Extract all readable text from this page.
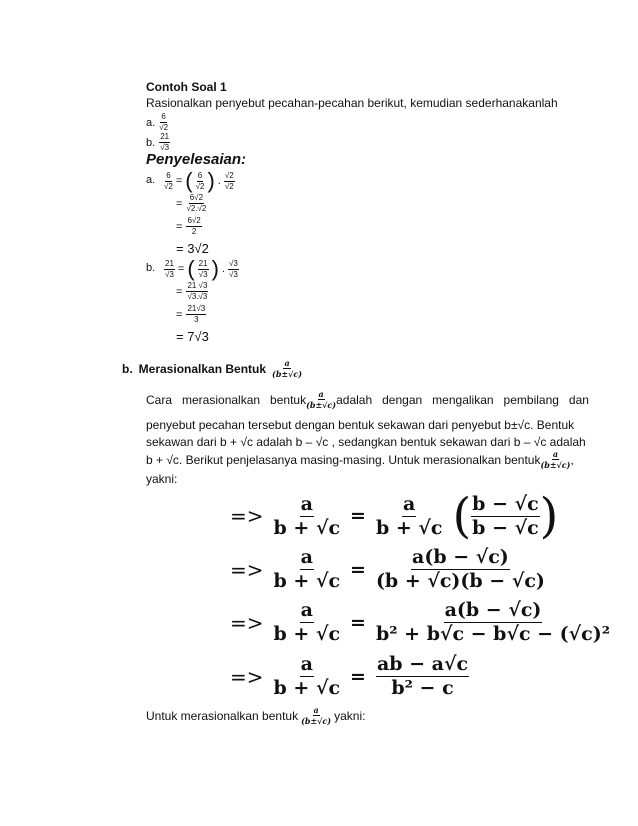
Contoh Soal 1
Rasionalkan penyebut pecahan-pecahan berikut, kemudian sederhanakanlah
a. $\frac{6}{√2}$
b. $\frac{21}{√3}$
Penyelesaian:
a. $\frac{6}{√2}$ = ( $\frac{6}{√2}$ ) . $\frac{√2}{√2}$
= $\frac{6√2}{√2.√2}$
= $\frac{6√2}{2}$
= 3√2
b. $\frac{21}{√3}$ = ( $\frac{21}{√3}$ ) . $\frac{√3}{√3}$
= $\frac{21 √3}{√3.√3}$
= $\frac{21√3}{3}$
= 7√3
b. Merasionalkan Bentuk $\frac{a}{(b\pm√c)}$
Cara   merasionalkan   bentuk $\frac{a}{(b\pm√c)}$ adalah   dengan   mengalikan   pembilang   dan
penyebut pecahan tersebut dengan bentuk sekawan dari penyebut b±√c. Bentuk
sekawan dari b + √c adalah b – √c , sedangkan bentuk sekawan dari b – √c adalah
b + √c. Berikut penjelasanya masing-masing. Untuk merasionalkan bentuk $\frac{a}{(b\pm√c)}$ ,
yakni:
=> $\frac{a}{b + √c} = \frac{a}{b + √c}$ ( $\frac{b - √c}{b - √c}$ )
=> $\frac{a}{b + √c} = \frac{a(b - √c)}{(b + √c)(b - √c)}$
=> $\frac{a}{b + √c} = \frac{a(b - √c)}{\text{b² + b√c − b√c − (√c)²}}$
=> $\frac{a}{b + √c} = \frac{ab - a√c}{\text{b² − c}}$
Untuk merasionalkan bentuk $\frac{a}{(b\pm√c)}$ yakni:
